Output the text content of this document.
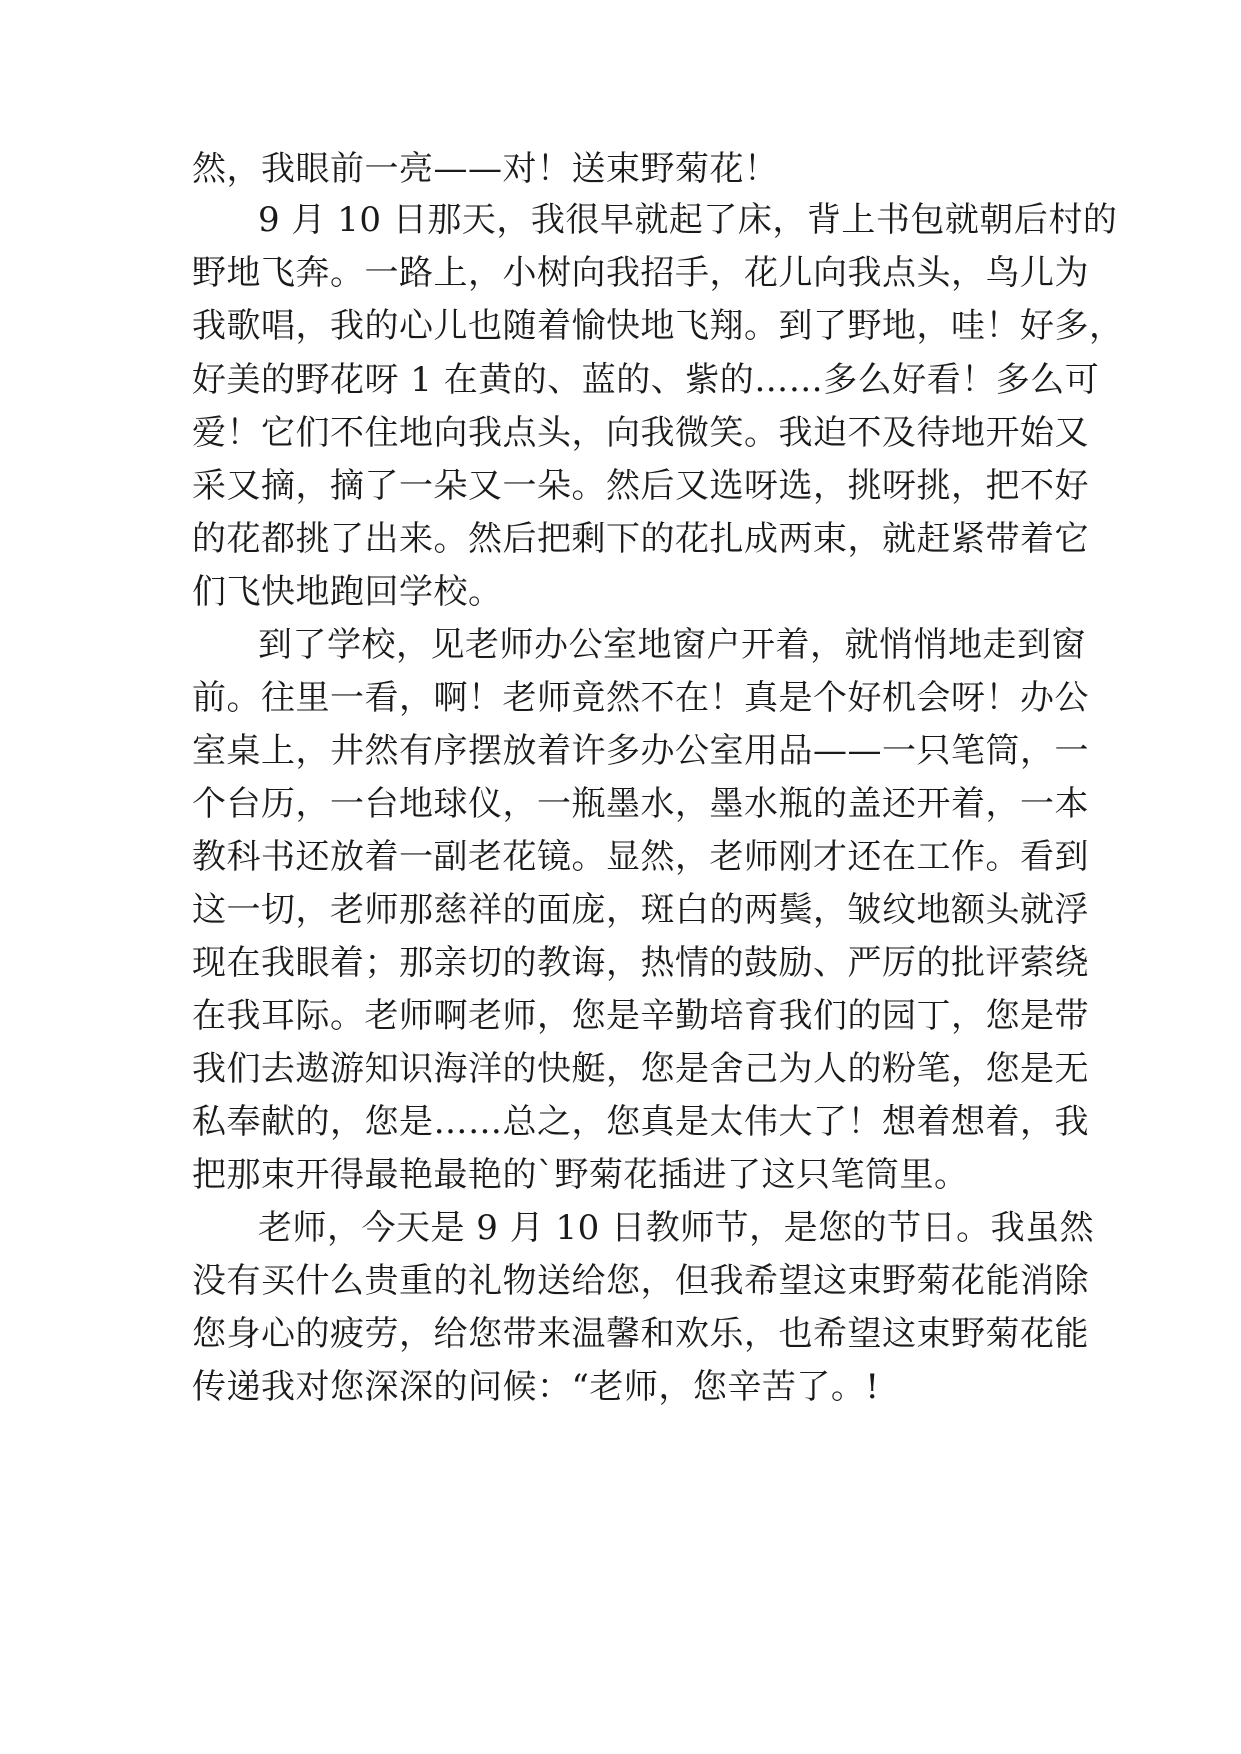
然，我眼前一亮——对！送束野菊花！
9 月 10 日那天，我很早就起了床，背上书包就朝后村的
野地飞奔。一路上，小树向我招手，花儿向我点头，鸟儿为
我歌唱，我的心儿也随着愉快地飞翔。到了野地，哇！好多，
好美的野花呀 1 在黄的、蓝的、紫的……多么好看！多么可
爱！它们不住地向我点头，向我微笑。我迫不及待地开始又
采又摘，摘了一朵又一朵。然后又选呀选，挑呀挑，把不好
的花都挑了出来。然后把剩下的花扎成两束，就赶紧带着它
们飞快地跑回学校。
到了学校，见老师办公室地窗户开着，就悄悄地走到窗
前。往里一看，啊！老师竟然不在！真是个好机会呀！办公
室桌上，井然有序摆放着许多办公室用品——一只笔筒，一
个台历，一台地球仪，一瓶墨水，墨水瓶的盖还开着，一本
教科书还放着一副老花镜。显然，老师刚才还在工作。看到
这一切，老师那慈祥的面庞，斑白的两鬓，皱纹地额头就浮
现在我眼着；那亲切的教诲，热情的鼓励、严厉的批评萦绕
在我耳际。老师啊老师，您是辛勤培育我们的园丁，您是带
我们去遨游知识海洋的快艇，您是舍己为人的粉笔，您是无
私奉献的，您是……总之，您真是太伟大了！想着想着，我
把那束开得最艳最艳的`野菊花插进了这只笔筒里。
老师，今天是 9 月 10 日教师节，是您的节日。我虽然
没有买什么贵重的礼物送给您，但我希望这束野菊花能消除
您身心的疲劳，给您带来温馨和欢乐，也希望这束野菊花能
传递我对您深深的问候：“老师，您辛苦了。!
